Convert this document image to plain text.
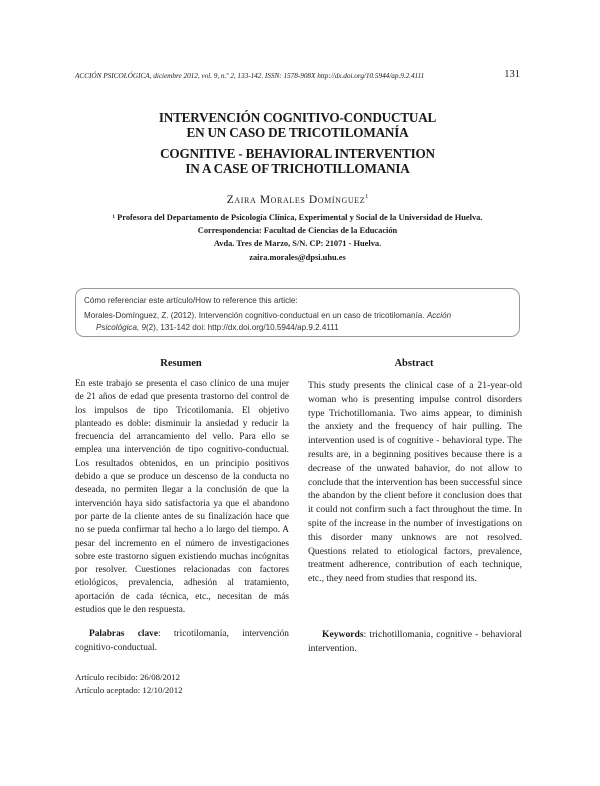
ACCIÓN PSICOLÓGICA, diciembre 2012, vol. 9, n.º 2, 133-142. ISSN: 1578-908X http://dx.doi.org/10.5944/ap.9.2.4111	131
INTERVENCIÓN COGNITIVO-CONDUCTUAL
EN UN CASO DE TRICOTILOMANÍA
COGNITIVE - BEHAVIORAL INTERVENTION
IN A CASE OF TRICHOTILLOMANIA
Zaira Morales Domínguez$^1$
¹ Profesora del Departamento de Psicología Clínica, Experimental y Social de la Universidad de Huelva.
Correspondencia: Facultad de Ciencias de la Educación
Avda. Tres de Marzo, S/N. CP: 21071 - Huelva.
zaira.morales@dpsi.uhu.es
Cómo referenciar este artículo/How to reference this article:
Morales-Domínguez, Z. (2012). Intervención cognitivo-conductual en un caso de tricotilomanía. Acción
Psicológica, 9(2), 131-142 doi: http://dx.doi.org/10.5944/ap.9.2.4111
Resumen	Abstract

En este trabajo se presenta el caso clínico de una mujer de 21 años de edad que presenta trastorno del control de los impulsos de tipo Tricotilomanía. El objetivo planteado es doble: disminuir la ansiedad y reducir la frecuencia del arrancamiento del vello. Para ello se emplea una intervención de tipo cognitivo-conductual. Los resultados obtenidos, en un principio positivos debido a que se produce un descenso de la conducta no deseada, no permiten llegar a la conclusión de que la intervención haya sido satisfactoria ya que el abandono por parte de la cliente antes de su finalización hace que no se pueda confirmar tal hecho a lo largo del tiempo. A pesar del incremento en el número de investigaciones sobre este trastorno siguen existiendo muchas incógnitas por resolver. Cuestiones relacionadas con factores etiológicos, prevalencia, adhesión al tratamiento, aportación de cada técnica, etc., necesitan de más estudios que le den respuesta.

This study presents the clinical case of a 21-year-old woman who is presenting impulse control disorders type Trichotillomania. Two aims appear, to diminish the anxiety and the frequency of hair pulling. The intervention used is of cognitive - behavioral type. The results are, in a beginning positives because there is a decrease of the unwated bahavior, do not allow to conclude that the intervention has been successful since the abandon by the client before it conclusion does that it could not confirm such a fact throughout the time. In spite of the increase in the number of investigations on this disorder many unknows are not resolved. Questions related to etiological factors, prevalence, treatment adherence, contribution of each technique, etc., they need from studies that respond its.

Palabras clave: tricotilomanía, intervención cognitivo-conductual.
Keywords: trichotillomania, cognitive - behavioral intervention.
Artículo recibido: 26/08/2012
Artículo aceptado: 12/10/2012
